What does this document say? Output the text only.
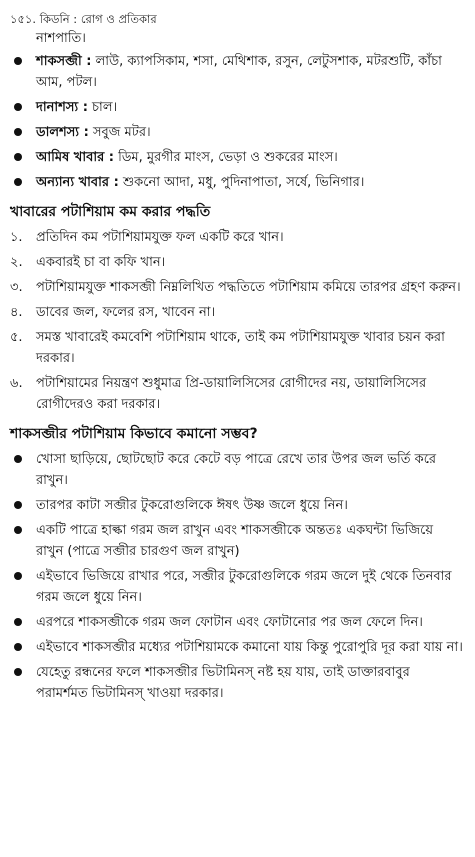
১৫১. কিডনি : রোগ ও প্রতিকার
নাশপাতি।
শাকসব্জী : লাউ, ক্যাপসিকাম, শসা, মেথিশাক, রসুন, লেটুসশাক, মটরশুটি, কাঁচা আম, পটল।
দানাশস্য : চাল।
ডালশস্য : সবুজ মটর।
আমিষ খাবার : ডিম, মুরগীর মাংস, ভেড়া ও শুকরের মাংস।
অন্যান্য খাবার : শুকনো আদা, মধু, পুদিনাপাতা, সর্ষে, ভিনিগার।
খাবারের পটাশিয়াম কম করার পদ্ধতি
১. প্রতিদিন কম পটাশিয়ামযুক্ত ফল একটি করে খান।
২. একবারই চা বা কফি খান।
৩. পটাশিয়ামযুক্ত শাকসব্জী নিম্নলিখিত পদ্ধতিতে পটাশিয়াম কমিয়ে তারপর গ্রহণ করুন।
৪. ডাবের জল, ফলের রস, খাবেন না।
৫. সমস্ত খাবারেই কমবেশি পটাশিয়াম থাকে, তাই কম পটাশিয়ামযুক্ত খাবার চয়ন করা দরকার।
৬. পটাশিয়ামের নিয়ন্ত্রণ শুধুমাত্র প্রি-ডায়ালিসিসের রোগীদের নয়, ডায়ালিসিসের রোগীদেরও করা দরকার।
শাকসব্জীর পটাশিয়াম কিভাবে কমানো সম্ভব?
খোসা ছাড়িয়ে, ছোটছোট করে কেটে বড় পাত্রে রেখে তার উপর জল ভর্তি করে রাখুন।
তারপর কাটা সব্জীর টুকরোগুলিকে ঈষৎ উষ্ণ জলে ধুয়ে নিন।
একটি পাত্রে হাল্কা গরম জল রাখুন এবং শাকসব্জীকে অন্ততঃ একঘন্টা ভিজিয়ে রাখুন (পাত্রে সব্জীর চারগুণ জল রাখুন)
এইভাবে ভিজিয়ে রাখার পরে, সব্জীর টুকরোগুলিকে গরম জলে দুই থেকে তিনবার গরম জলে ধুয়ে নিন।
এরপরে শাকসব্জীকে গরম জল ফোটান এবং ফোটানোর পর জল ফেলে দিন।
এইভাবে শাকসব্জীর মধ্যের পটাশিয়ামকে কমানো যায় কিন্তু পুরোপুরি দূর করা যায় না।
যেহেতু রন্ধনের ফলে শাকসব্জীর ভিটামিনস্ নষ্ট হয় যায়, তাই ডাক্তারবাবুর পরামর্শমত ভিটামিনস্ খাওয়া দরকার।
